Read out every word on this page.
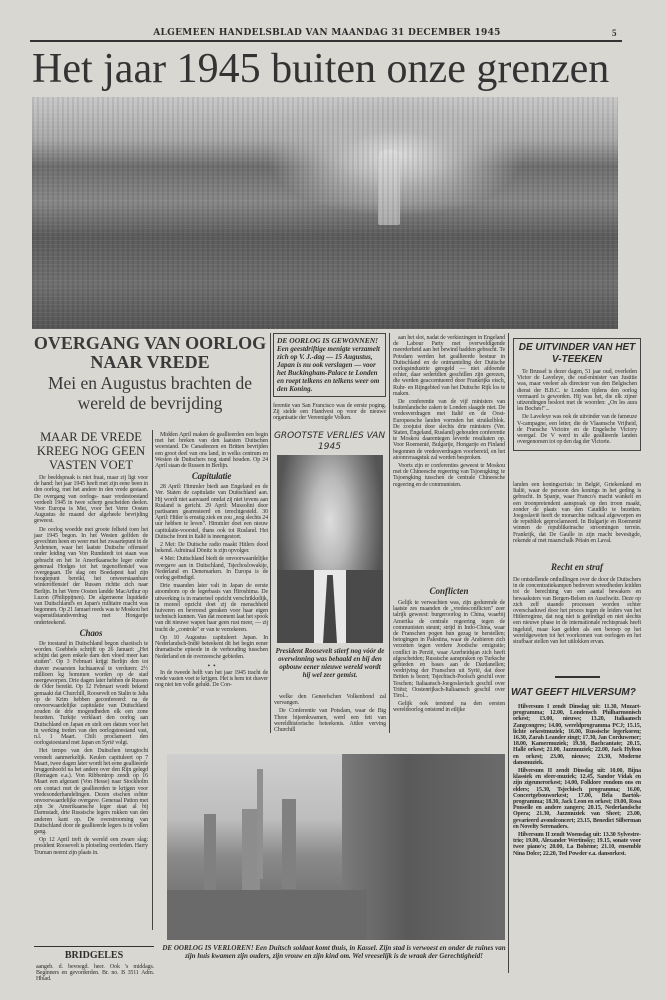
ALGEMEEN HANDELSBLAD VAN MAANDAG 31 DECEMBER 1945	5
Het jaar 1945 buiten onze grenzen
OVERGANG VAN OORLOG NAAR VREDE
Mei en Augustus brachten de wereld de bevrijding
MAAR DE VREDE KREEG NOG GEEN VASTEN VOET

De beeldspraak is niet fraai, maar zij ligt voor de hand: het jaar 1945 heeft met zijn eene been in den oorlog, met het andere in den vrede gestaan. De overgang van oorlogs- naar vredestoestand verdeelt 1945 in twee scherp gescheiden deelen. Voor Europa is Mei, voor het Verre Oosten Augustus de maand der algeheele bevrijding geweest.

De oorlog woedde met groote felheid toen het jaar 1945 begon. In het Westen golfden de gevechten heen en weer met het zwaartepunt in de Ardennen, waar het laatste Duitsche offensief onder leiding van Von Rundstedt tot staan was gebracht en het 1e Amerikaansche leger onder generaal Hodges tot het tegenoffensief was overgegaan. De slag om Boedapest had zijn hoogtepunt bereikt, het onweerstaanbare winteroffensief der Russen richtte zich naar Berlijn. In het Verre Oosten landde MacArthur op Luzon (Philippijnen). De algemeene liquidatie van Duitschland's en Japan's militaire macht was begonnen. Op 21 Januari reeds was te Moskou het wapenstilstandsverdrag met Hongarije onderteekend.

Chaos

De toestand in Duitschland begon chaotisch te worden. Goebbels schrijft op 26 Januari: „Het schijnt dat geen enkele dam den vloed meer kan stuiten". Op 3 Februari krijgt Berlijn den tot dusver zwaarsten luchtaanval te verduren: 2½ millioen kg bommen worden op de stad neergeworpen. Drie dagen later hebben de Russen de Oder bereikt. Op 12 Februari wordt bekend gemaakt dat Churchill, Roosevelt en Stalin te Jalta op de Krim hebben geconfereerd: na de onvoorwaardelijke capitulatie van Duitschland zouden de drie mogendheden elk een zone bezetten. Turkije verklaart den oorlog aan Duitschland en Japan en stelt een datum voor het in werking treden van den oorlogstoestand vast, n.l. 1 Maart. Chili proclameert den oorlogstoestand met Japan en Syrië volgt.

Het tempo van den Duitschen terugtocht versnelt aanmerkelijk. Keulen capituleert op 7 Maart, twee dagen later wordt het eene geallieerde bruggenhoofd na het andere over den Rijn gelegd (Remagen e.a.). Von Ribbentrop zendt op 16 Maart een afgezant (Von Hesse) naar Stockholm om contact met de geallieerden te krijgen voor vredesonderhandelingen. Dezen eischen echter onvoorwaardelijke overgave. Generaal Patton met zijn 3e Amerikaansche leger staat al bij Darmstadt, drie Russische legers rukken van den anderen kant op. De overstrooming van Duitschland door de geallieerde legers is in vollen gang.

Op 12 April treft de wereld een zware slag: president Roosevelt is plotseling overleden. Harry Truman neemt zijn plaats in.

BRIDGELES
aangeb. d. bevoegd. heer. Ook 's middags. Beginners en gevorderden. Br. no. B 3511 Adm. Hblad.

Midden April maken de geallieerden een begin met het breken van den laatsten Duitschen weerstand. De Canadeezen en Britten bevrijden een groot deel van ons land, in welks centrum en Westen de Duitschers nog stand houden. Op 24 April staan de Russen in Berlijn.

Capitulatie

28 April: Himmler biedt aan Engeland en de Ver. Staten de capitulatie van Duitschland aan. Hij wordt niet aanvaard omdat zij niet tevens aan Rusland is gericht. 29 April: Mussolini door partisanen gearresteerd en terechtgesteld. 30 April: Hitler is ernstig ziek en zou „nog slechts 24 uur hebben te leven". Himmler doet een nieuw capitulatie-voorstel, thans ook tot Rusland. Het Duitsche front in Italië is ineengestort.

2 Mei: De Duitsche radio maakt Hitlers dood bekend. Admiraal Dönitz is zijn opvolger.

4 Mei: Duitschland biedt de onvoorwaardelijke overgave aan in Duitschland, Tsjechoslowakije, Nederland en Denemarken. In Europa is de oorlog geëindigd.

Drie maanden later valt in Japan de eerste atoombom op de legerbasis van Hiroshima. De uitwerking is in materieel opzicht verschrikkelijk, in moreel opzicht doet zij de menschheid huiveren en bevreesd geraken voor haar eigen technisch kunnen. Van dat moment laat het spook van dit nieuwe wapen haar geen rust meer, — zij tracht de „controle" er van te verzekeren.

Op 10 Augustus capituleert Japan. In Nederlandsch-Indië beteekent dit het begin eener dramatische episode in de verhouding tusschen Nederland en de overzeesche gebieden.

•  •

In de tweede helft van het jaar 1945 tracht de vrede vasten voet te krijgen. Het is hem tot dusver nog niet ten volle gelukt. De Con-

DE OORLOG IS GEWONNEN!
Een geestdriftige menigte verzamelt zich op V. J.-dag — 15 Augustus, Japan is nu ook verslagen — voor het Buckingham-Palace te Londen en roept telkens en telkens weer om den Koning.
ferentie van San Francisco was de eerste poging. Zij stelde een Handvest op voor de nieuwe organisatie der Vereenigde Volken.
GROOTSTE VERLIES VAN 1945
President Roosevelt stierf nog vóór de overwinning was behaald en bij den opbouw eener nieuwe wereld wordt hij wel zeer gemist.

welke den Geneefschen Volkenbond zal vervangen.

De Conferentie van Potsdam, waar de Big Three bijeenkwamen, werd een feit van wereldhistorische beteekenis. Attlee verving Churchill

aan het slot, nadat de verkiezingen in Engeland de Labour Party met overweldigende meerderheid aan het bewind hadden gebracht. Te Potsdam werden het geallieerde bestuur in Duitschland en de ontmanteling der Duitsche oorlogsindustrie geregeld — niet afdoende echter, daar sedertdien geschillen zijn gerezen, die werden geaccentueerd door Frankrijks eisch, Ruhr- en Rijngebied van het Duitsche Rijk los te maken.

De conferentie van de vijf ministers van buitenlandsche zaken te Londen slaagde niet. De vredesverdragen met Italië en de Oost-Europeesche landen vormden het struikelblok. De zoojuist door slechts drie ministers (Ver. Staten, Engeland, Rusland) gehouden conferentie te Moskou daarentegen leverde resultaten op. Voor Roemenië, Bulgarije, Hongarije en Finland begonnen de vredesverdragen voorbereid, en het atoomvraagstuk zal worden besproken.

Voorts zijn er conferenties geweest te Moskou met de Chineesche regeering van Tsjoengking; te Tsjoengking tusschen de centrale Chineesche regeering en de communisten.

Conflicten

Gelijk te verwachten was, zijn gedurende de laatste zes maanden de „vredesconflicten" zeer talrijk geweest: burgeroorlog in China, waarbij Amerika de centrale regeering tegen de communisten steunt; strijd in Indo-China, waar de Franschen pogen hun gezag te herstellen; betogingen in Palestina, waar de Arabieren zich verzetten tegen verdere Joodsche emigratie; conflict in Perzië, waar Azerbeidsjan zich heeft afgescheiden; Russische aanspraken op Turksche gebieden en bases aan de Dardanellen; verdrijving der Franschen uit Syrië, dat door Britten is bezet; Tsjechisch-Poolsch geschil over Teschen; Italiaansch-Joegoslavisch geschil over Triëst; Oostenrijksch-Italiaansch geschil over Tirol...

Gelijk ook terstond na den eersten wereldoorlog ontstond in etlijke

DE UITVINDER VAN HET V-TEEKEN

Te Brussel is dezer dagen, 51 jaar oud, overleden Victor de Laveleye, die oud-minister van Justitie was, maar veeleer als directeur van den Belgischen dienst der B.B.C. te Londen tijdens den oorlog vermaard is geworden. Hij was het, die elk zijner uitzendingen besloot met de woorden: „On les aura les Boches!"...

De Laveleye was ook de uitvinder van de fameuze V-campagne, een letter, die de Vlaamsche Vrijheid, de Fransche Victoire en de Engelsche Victory weergaf. De V werd in alle geallieerde landen overgenomen tot op den dag der Victorie.

landen een koningscrisis: in België, Griekenland en Italië, waar de persoon des konings in het geding is gebracht. In Spanje, waar Franco's macht wankelt en een troonpretendent aanspraak op den troon maakt, zonder de plaats van den Caudillo te bezetten. Joegoslavië heeft de monarchie radicaal afgeworpen en de republiek geproclameerd. In Bulgarije en Roemenië winnen de republikeinsche stroomingen terrein. Frankrijk, dat De Gaulle in zijn macht bevestigde, rekende af met maarschalk Pétain en Laval.
Recht en straf
De ontstellende onthullingen over de door de Duitschers in de concentratiekampen bedreven wreedheden leidden tot de berechting van een aantal bewakers en bewaaksters van Bergen-Belsen en Auschwitz. Deze op zich zelf staande processen worden echter overschaduwd door het proces tegen de leiders van het Hitlerregime, dat nog niet is geëindigd en niet slechts een nieuwe phase in de internationale rechtspraak heeft ingeluid, maar kan gelden als een beroep op het wereldgeweten tot het voorkomen van oorlogen en het strafbaar stellen van het uitlokken ervan.
WAT GEEFT HILVERSUM?

Hilversum I zendt Dinsdag uit: 11.30, Mozart-programma; 12.00, Londensch Philharmonisch orkest; 13.00, nieuws; 13.20, Italiaansch Zangcongres; 14.00, wereldprogramma PCJ; 15.15, lichte orkestmuziek; 16.00, Russische legerkoren; 16.30, Zarah Leander zingt; 17.30, Jan Corduwener; 18.00, Kamermuziek; 19.30, Bachcantate; 20.15, Hallé orkest; 21.00, Jazzmuziek; 22.00, Jack Hylton en orkest; 23.00, nieuws; 23.30, Moderne dansmuziek.

Hilversum II zendt Dinsdag uit: 10.00, Bijna klassiek en sfeer-muziek; 12.45, Sandor Vidak en zijn zigeunerorkest; 14.00, Folklore rondom ons en elders; 15.30, Tsjechisch programma; 16.00, Concertgebouworkest; 17.00, Béla Bartók-programma; 18.30, Jack Leon en orkest; 19.00, Rosa Ponselle en andere zangers; 20.15, Nederlandsche Opera; 21.30, Jazzmuziek van Sheet; 23.00, gevarieerd avondconcert; 23.15, Benedict Silberman en Novelty Serenaders.

Hilversum II zendt Woensdag uit: 13.30 Sylvestre-trio; 19.00, Alexander Wertinsky; 19.15, sonate voor twee piano's; 20.00, La Bohème; 21.10, ensemble Nina Dolce; 22.20, Ted Powder e.a. dansorkest.

DE OORLOG IS VERLOREN! Een Duitsch soldaat komt thuis, in Kassel. Zijn stad is verwoest en onder de ruïnes van zijn huis kwamen zijn ouders, zijn vrouw en zijn kind om. Wel vreeselijk is de wraak der Gerechtigheid!
